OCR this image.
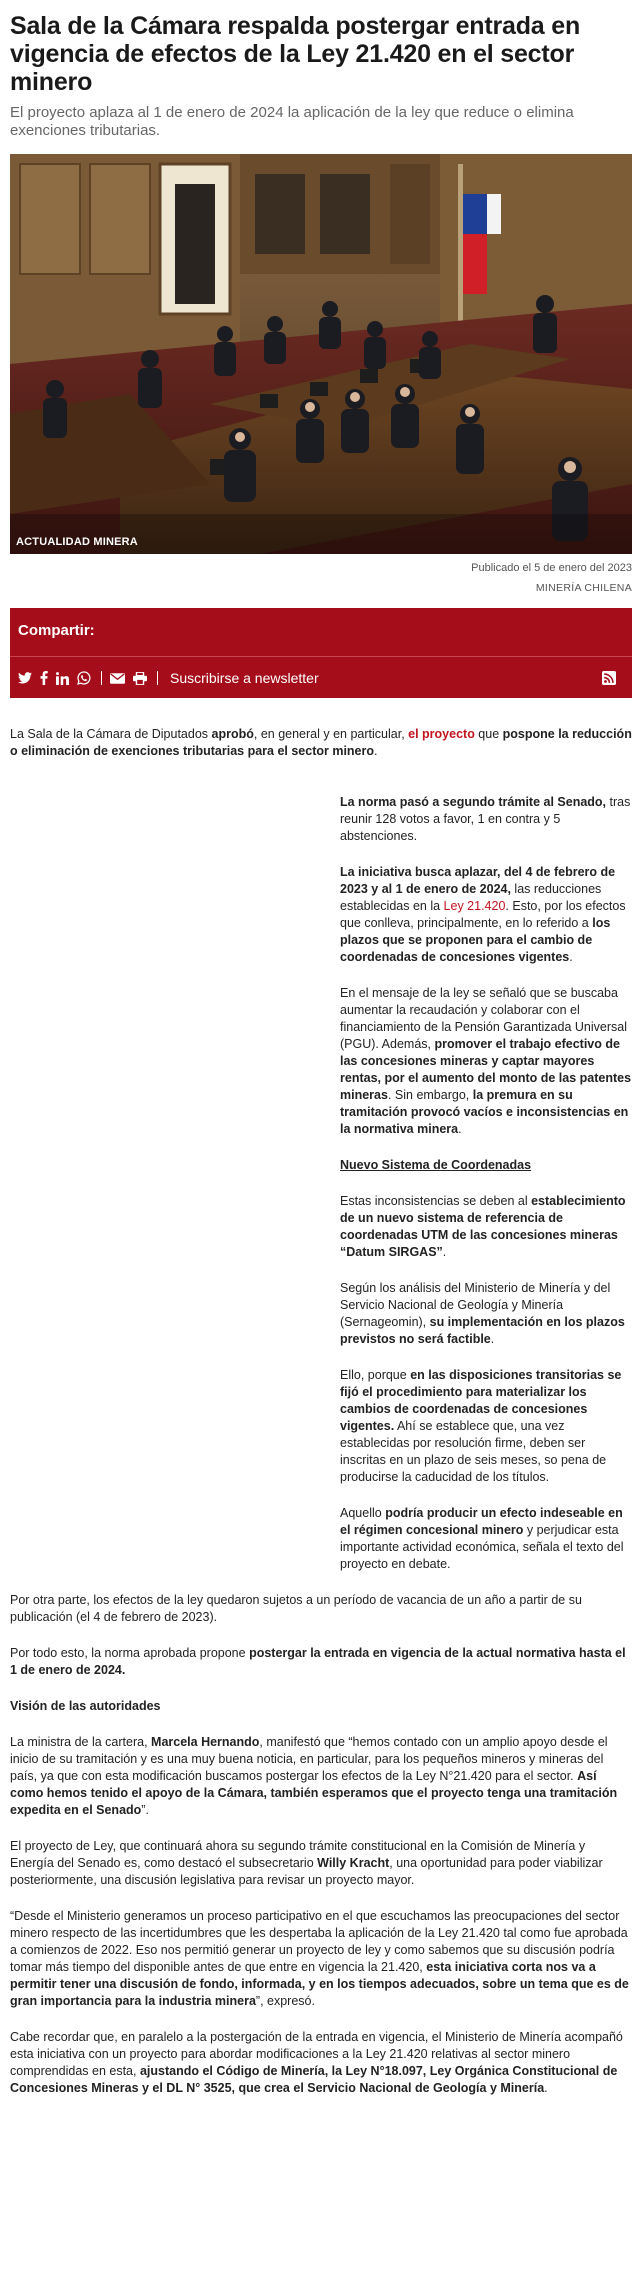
Sala de la Cámara respalda postergar entrada en vigencia de efectos de la Ley 21.420 en el sector minero

El proyecto aplaza al 1 de enero de 2024 la aplicación de la ley que reduce o elimina exenciones tributarias.

ACTUALIDAD MINERA
Publicado el 5 de enero del 2023
MINERÍA CHILENA
Compartir:
Suscribirse a newsletter

La Sala de la Cámara de Diputados aprobó, en general y en particular, el proyecto que pospone la reducción o eliminación de exenciones tributarias para el sector minero.

La norma pasó a segundo trámite al Senado, tras reunir 128 votos a favor, 1 en contra y 5 abstenciones.

La iniciativa busca aplazar, del 4 de febrero de 2023 y al 1 de enero de 2024, las reducciones establecidas en la Ley 21.420. Esto, por los efectos que conlleva, principalmente, en lo referido a los plazos que se proponen para el cambio de coordenadas de concesiones vigentes.

En el mensaje de la ley se señaló que se buscaba aumentar la recaudación y colaborar con el financiamiento de la Pensión Garantizada Universal (PGU). Además, promover el trabajo efectivo de las concesiones mineras y captar mayores rentas, por el aumento del monto de las patentes mineras. Sin embargo, la premura en su tramitación provocó vacíos e inconsistencias en la normativa minera.

Nuevo Sistema de Coordenadas

Estas inconsistencias se deben al establecimiento de un nuevo sistema de referencia de coordenadas UTM de las concesiones mineras “Datum SIRGAS”.

Según los análisis del Ministerio de Minería y del Servicio Nacional de Geología y Minería (Sernageomin), su implementación en los plazos previstos no será factible.

Ello, porque en las disposiciones transitorias se fijó el procedimiento para materializar los cambios de coordenadas de concesiones vigentes. Ahí se establece que, una vez establecidas por resolución firme, deben ser inscritas en un plazo de seis meses, so pena de producirse la caducidad de los títulos.

Aquello podría producir un efecto indeseable en el régimen concesional minero y perjudicar esta importante actividad económica, señala el texto del proyecto en debate.

Por otra parte, los efectos de la ley quedaron sujetos a un período de vacancia de un año a partir de su publicación (el 4 de febrero de 2023).

Por todo esto, la norma aprobada propone postergar la entrada en vigencia de la actual normativa hasta el 1 de enero de 2024.

Visión de las autoridades

La ministra de la cartera, Marcela Hernando, manifestó que “hemos contado con un amplio apoyo desde el inicio de su tramitación y es una muy buena noticia, en particular, para los pequeños mineros y mineras del país, ya que con esta modificación buscamos postergar los efectos de la Ley N°21.420 para el sector. Así como hemos tenido el apoyo de la Cámara, también esperamos que el proyecto tenga una tramitación expedita en el Senado”.

El proyecto de Ley, que continuará ahora su segundo trámite constitucional en la Comisión de Minería y Energía del Senado es, como destacó el subsecretario Willy Kracht, una oportunidad para poder viabilizar posteriormente, una discusión legislativa para revisar un proyecto mayor.

“Desde el Ministerio generamos un proceso participativo en el que escuchamos las preocupaciones del sector minero respecto de las incertidumbres que les despertaba la aplicación de la Ley 21.420 tal como fue aprobada a comienzos de 2022. Eso nos permitió generar un proyecto de ley y como sabemos que su discusión podría tomar más tiempo del disponible antes de que entre en vigencia la 21.420, esta iniciativa corta nos va a permitir tener una discusión de fondo, informada, y en los tiempos adecuados, sobre un tema que es de gran importancia para la industria minera”, expresó.

Cabe recordar que, en paralelo a la postergación de la entrada en vigencia, el Ministerio de Minería acompañó esta iniciativa con un proyecto para abordar modificaciones a la Ley 21.420 relativas al sector minero comprendidas en esta, ajustando el Código de Minería, la Ley N°18.097, Ley Orgánica Constitucional de Concesiones Mineras y el DL N° 3525, que crea el Servicio Nacional de Geología y Minería.
